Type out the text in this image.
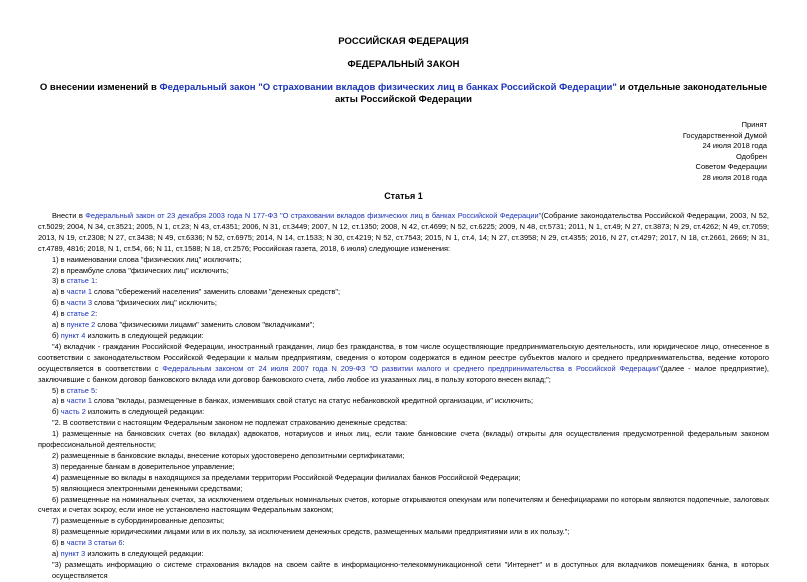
РОССИЙСКАЯ ФЕДЕРАЦИЯ
ФЕДЕРАЛЬНЫЙ ЗАКОН
О внесении изменений в Федеральный закон "О страховании вкладов физических лиц в банках Российской Федерации" и отдельные законодательные акты Российской Федерации
Принят
Государственной Думой
24 июля 2018 года
Одобрен
Советом Федерации
28 июля 2018 года
Статья 1

Внести в Федеральный закон от 23 декабря 2003 года N 177-ФЗ "О страховании вкладов физических лиц в банках Российской Федерации"(Собрание законодательства Российской Федерации, 2003, N 52, ст.5029; 2004, N 34, ст.3521; 2005, N 1, ст.23; N 43, ст.4351; 2006, N 31, ст.3449; 2007, N 12, ст.1350; 2008, N 42, ст.4699; N 52, ст.6225; 2009, N 48, ст.5731; 2011, N 1, ст.49; N 27, ст.3873; N 29, ст.4262; N 49, ст.7059; 2013, N 19, ст.2308; N 27, ст.3438; N 49, ст.6336; N 52, ст.6975; 2014, N 14, ст.1533; N 30, ст.4219; N 52, ст.7543; 2015, N 1, ст.4, 14; N 27, ст.3958; N 29, ст.4355; 2016, N 27, ст.4297; 2017, N 18, ст.2661, 2669; N 31, ст.4789, 4816; 2018, N 1, ст.54, 66; N 11, ст.1588; N 18, ст.2576; Российская газета, 2018, 6 июля) следующие изменения:

1) в наименовании слова "физических лиц" исключить;

2) в преамбуле слова "физических лиц" исключить;

3) в статье 1:

а) в части 1 слова "сбережений населения" заменить словами "денежных средств";

б) в части 3 слова "физических лиц" исключить;

4) в статье 2:

а) в пункте 2 слова "физическими лицами" заменить словом "вкладчиками";

б) пункт 4 изложить в следующей редакции:

"4) вкладчик - гражданин Российской Федерации, иностранный гражданин, лицо без гражданства, в том числе осуществляющие предпринимательскую деятельность, или юридическое лицо, отнесенное в соответствии с законодательством Российской Федерации к малым предприятиям, сведения о котором содержатся в едином реестре субъектов малого и среднего предпринимательства, ведение которого осуществляется в соответствии с Федеральным законом от 24 июля 2007 года N 209-ФЗ "О развитии малого и среднего предпринимательства в Российской Федерации"(далее - малое предприятие), заключившие с банком договор банковского вклада или договор банковского счета, либо любое из указанных лиц, в пользу которого внесен вклад;";

5) в статье 5:

а) в части 1 слова "вклады, размещенные в банках, изменивших свой статус на статус небанковской кредитной организации, и" исключить;

б) часть 2 изложить в следующей редакции:

"2. В соответствии с настоящим Федеральным законом не подлежат страхованию денежные средства:

1) размещенные на банковских счетах (во вкладах) адвокатов, нотариусов и иных лиц, если такие банковские счета (вклады) открыты для осуществления предусмотренной федеральным законом профессиональной деятельности;

2) размещенные в банковские вклады, внесение которых удостоверено депозитными сертификатами;

3) переданные банкам в доверительное управление;

4) размещенные во вклады в находящихся за пределами территории Российской Федерации филиалах банков Российской Федерации;

5) являющиеся электронными денежными средствами;

6) размещенные на номинальных счетах, за исключением отдельных номинальных счетов, которые открываются опекунам или попечителям и бенефициарами по которым являются подопечные, залоговых счетах и счетах эскроу, если иное не установлено настоящим Федеральным законом;

7) размещенные в субординированные депозиты;

8) размещенные юридическими лицами или в их пользу, за исключением денежных средств, размещенных малыми предприятиями или в их пользу.";

6) в части 3 статьи 6:

а) пункт 3 изложить в следующей редакции:

"3) размещать информацию о системе страхования вкладов на своем сайте в информационно-телекоммуникационной сети "Интернет" и в доступных для вкладчиков помещениях банка, в которых осуществляется
